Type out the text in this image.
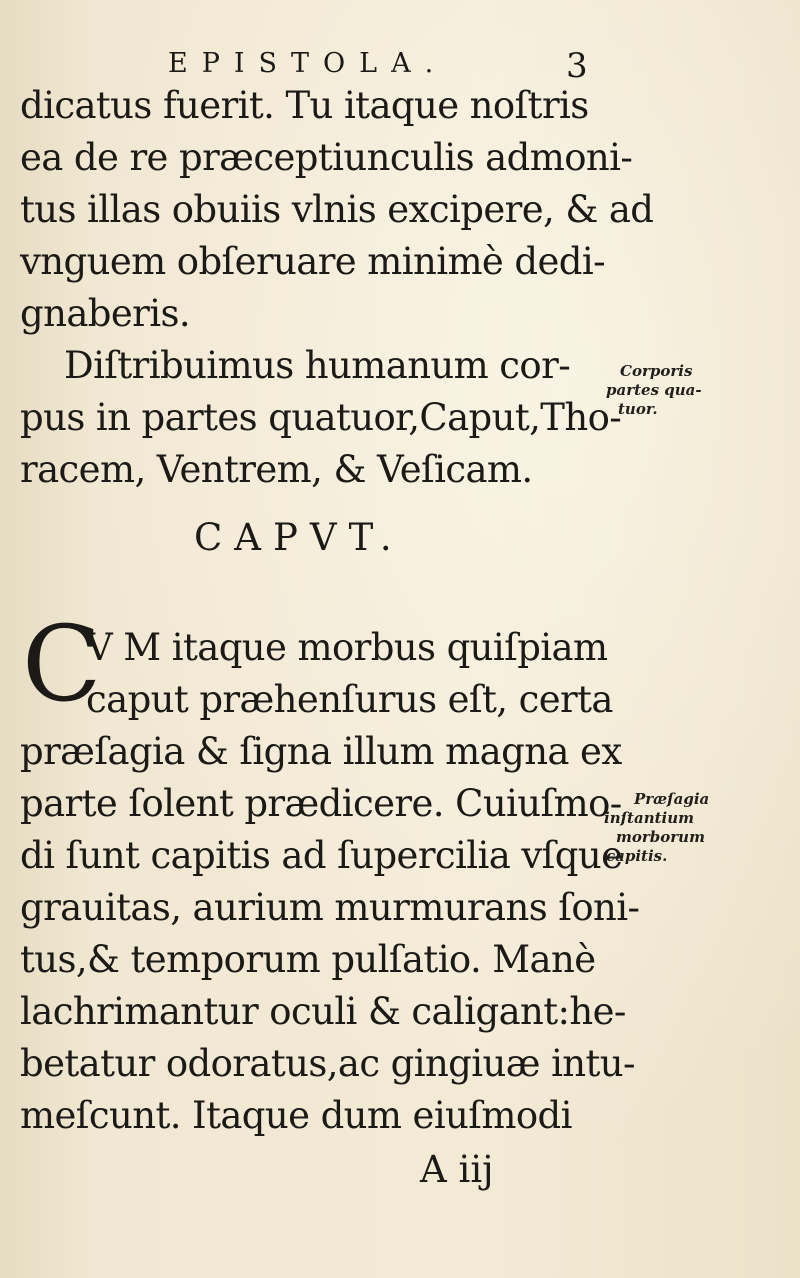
EPISTOLA.	3
dicatus fuerit. Tu itaque noſtris
ea de re præceptiunculis admoni-
tus illas obuiis vlnis excipere, & ad
vnguem obſeruare minimè dedi-
gnaberis.
Diſtribuimus humanum cor-
pus in partes quatuor,Caput,Tho-
racem, Ventrem, & Veſicam.
Corporis
partes qua-
tuor.
CAPVT.
C
V M itaque morbus quiſpiam
caput præhenſurus eſt, certa
præſagia & ſigna illum magna ex
parte ſolent prædicere. Cuiuſmo-
di ſunt capitis ad ſupercilia vſque
grauitas, aurium murmurans ſoni-
tus,& temporum pulſatio. Manè
lachrimantur oculi & caligant:he-
betatur odoratus,ac gingiuæ intu-
meſcunt. Itaque dum eiuſmodi
Præſagia
inſtantium
morborum
capitis.
A iij
